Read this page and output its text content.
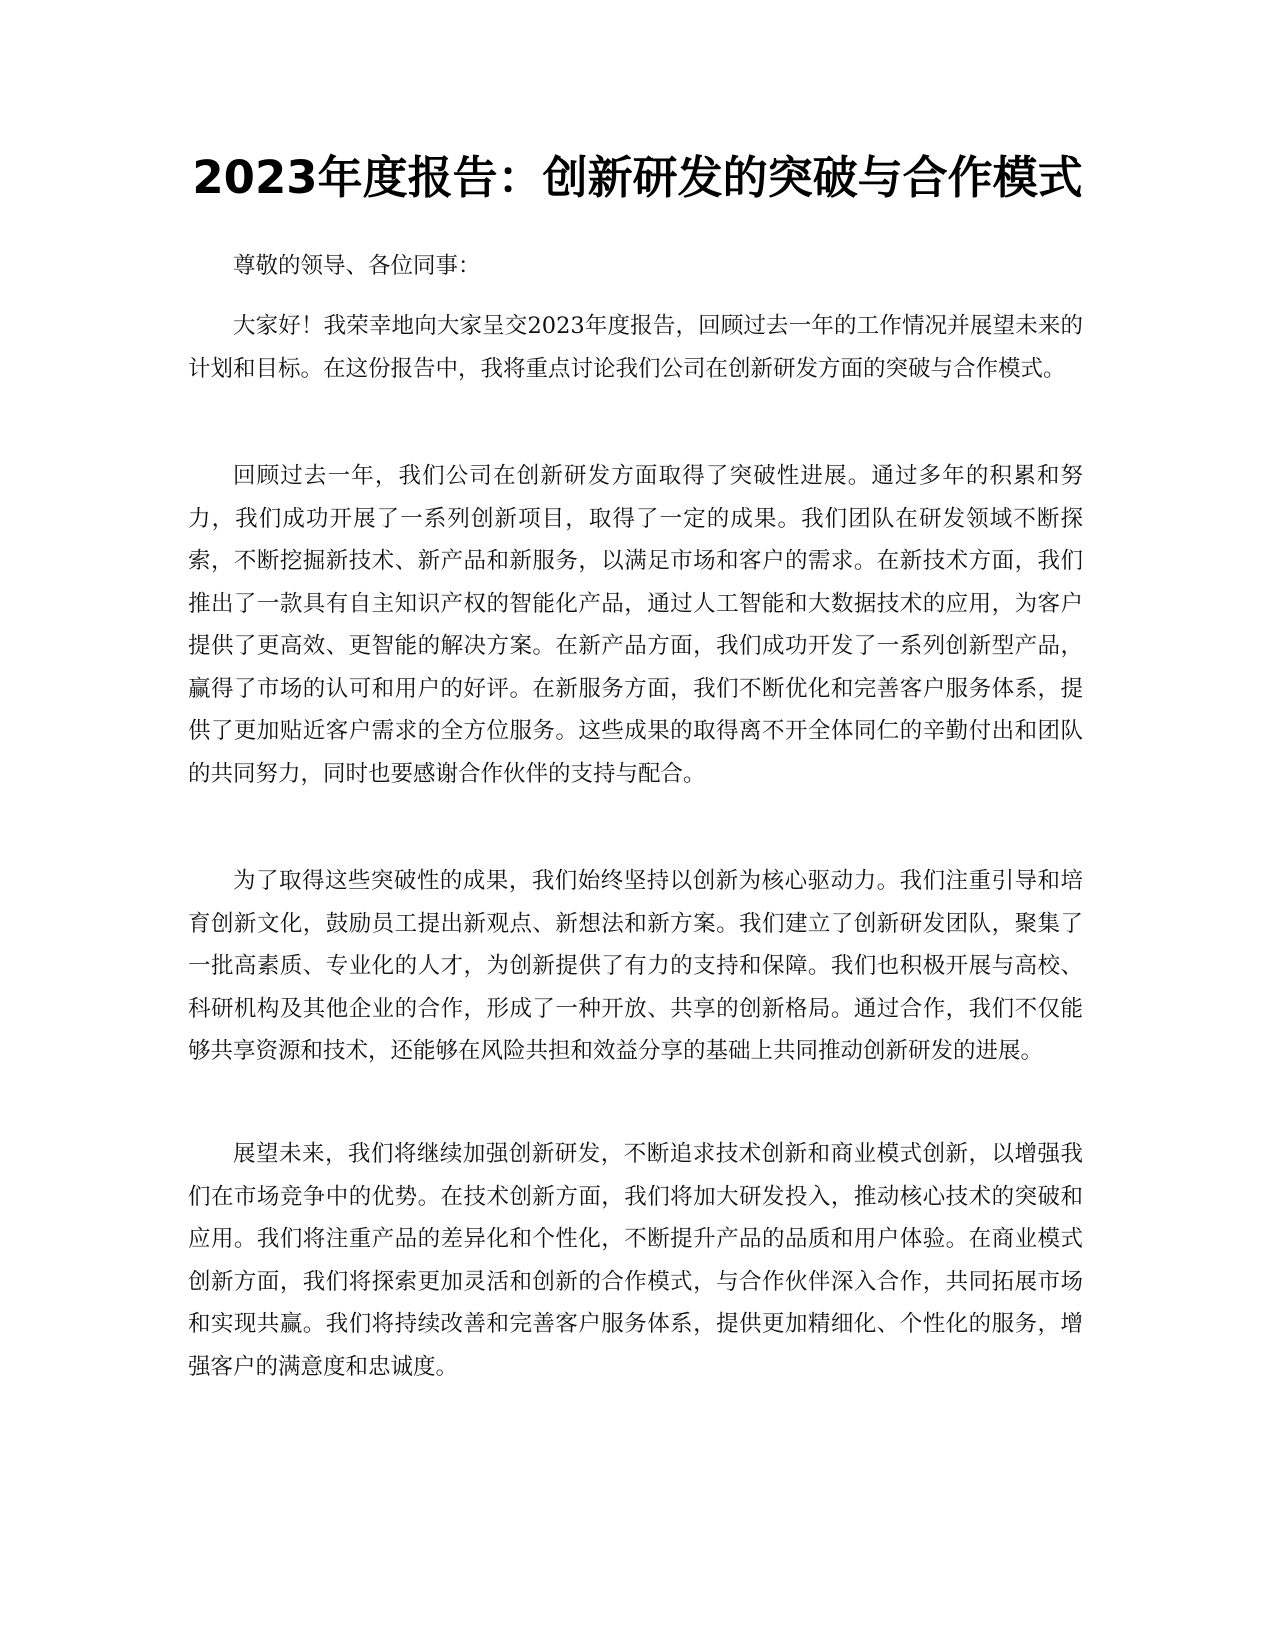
2023年度报告：创新研发的突破与合作模式

尊敬的领导、各位同事：

大家好！我荣幸地向大家呈交2023年度报告，回顾过去一年的工作情况并展望未来的计划和目标。在这份报告中，我将重点讨论我们公司在创新研发方面的突破与合作模式。

回顾过去一年，我们公司在创新研发方面取得了突破性进展。通过多年的积累和努力，我们成功开展了一系列创新项目，取得了一定的成果。我们团队在研发领域不断探索，不断挖掘新技术、新产品和新服务，以满足市场和客户的需求。在新技术方面，我们推出了一款具有自主知识产权的智能化产品，通过人工智能和大数据技术的应用，为客户提供了更高效、更智能的解决方案。在新产品方面，我们成功开发了一系列创新型产品，赢得了市场的认可和用户的好评。在新服务方面，我们不断优化和完善客户服务体系，提供了更加贴近客户需求的全方位服务。这些成果的取得离不开全体同仁的辛勤付出和团队的共同努力，同时也要感谢合作伙伴的支持与配合。

为了取得这些突破性的成果，我们始终坚持以创新为核心驱动力。我们注重引导和培育创新文化，鼓励员工提出新观点、新想法和新方案。我们建立了创新研发团队，聚集了一批高素质、专业化的人才，为创新提供了有力的支持和保障。我们也积极开展与高校、科研机构及其他企业的合作，形成了一种开放、共享的创新格局。通过合作，我们不仅能够共享资源和技术，还能够在风险共担和效益分享的基础上共同推动创新研发的进展。

展望未来，我们将继续加强创新研发，不断追求技术创新和商业模式创新，以增强我们在市场竞争中的优势。在技术创新方面，我们将加大研发投入，推动核心技术的突破和应用。我们将注重产品的差异化和个性化，不断提升产品的品质和用户体验。在商业模式创新方面，我们将探索更加灵活和创新的合作模式，与合作伙伴深入合作，共同拓展市场和实现共赢。我们将持续改善和完善客户服务体系，提供更加精细化、个性化的服务，增强客户的满意度和忠诚度。
